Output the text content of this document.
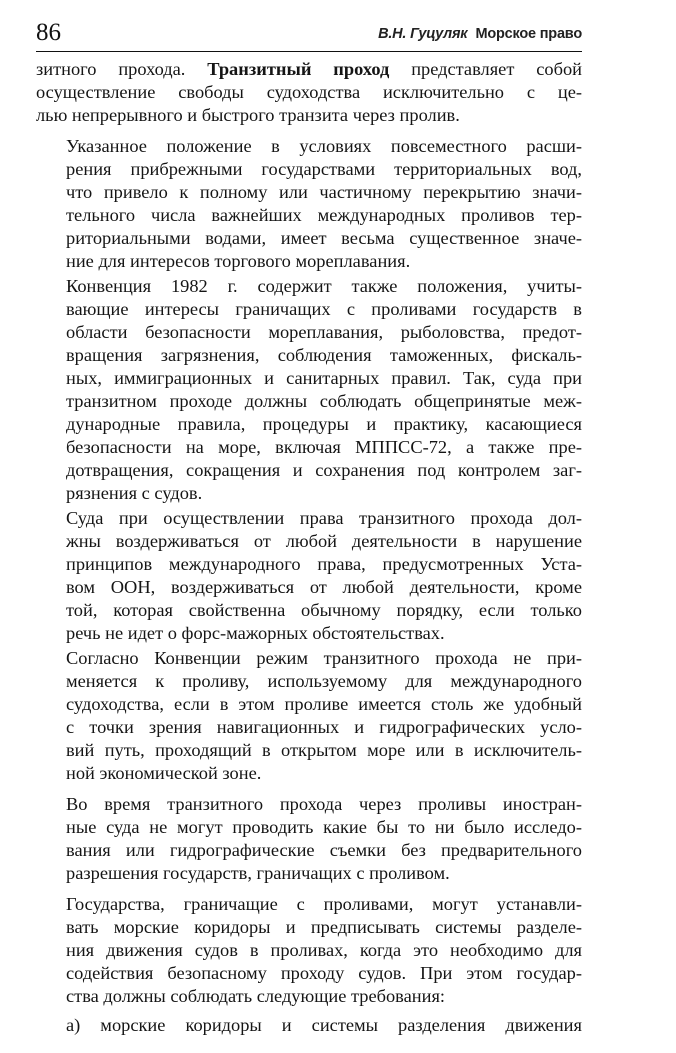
86	В.Н. Гуцуляк Морское право
зитного прохода. Транзитный проход представляет собой
осуществление свободы судоходства исключительно с це-
лью непрерывного и быстрого транзита через пролив.
Указанное положение в условиях повсеместного расши-
рения прибрежными государствами территориальных вод,
что привело к полному или частичному перекрытию значи-
тельного числа важнейших международных проливов тер-
риториальными водами, имеет весьма существенное значе-
ние для интересов торгового мореплавания.
Конвенция 1982 г. содержит также положения, учиты-
вающие интересы граничащих с проливами государств в
области безопасности мореплавания, рыболовства, предот-
вращения загрязнения, соблюдения таможенных, фискаль-
ных, иммиграционных и санитарных правил. Так, суда при
транзитном проходе должны соблюдать общепринятые меж-
дународные правила, процедуры и практику, касающиеся
безопасности на море, включая МППСС-72, а также пре-
дотвращения, сокращения и сохранения под контролем заг-
рязнения с судов.
Суда при осуществлении права транзитного прохода дол-
жны воздерживаться от любой деятельности в нарушение
принципов международного права, предусмотренных Уста-
вом ООН, воздерживаться от любой деятельности, кроме
той, которая свойственна обычному порядку, если только
речь не идет о форс-мажорных обстоятельствах.
Согласно Конвенции режим транзитного прохода не при-
меняется к проливу, используемому для международного
судоходства, если в этом проливе имеется столь же удобный
с точки зрения навигационных и гидрографических усло-
вий путь, проходящий в открытом море или в исключитель-
ной экономической зоне.
Во время транзитного прохода через проливы иностран-
ные суда не могут проводить какие бы то ни было исследо-
вания или гидрографические съемки без предварительного
разрешения государств, граничащих с проливом.
Государства, граничащие с проливами, могут устанавли-
вать морские коридоры и предписывать системы разделе-
ния движения судов в проливах, когда это необходимо для
содействия безопасному проходу судов. При этом государ-
ства должны соблюдать следующие требования:
а) морские коридоры и системы разделения движения
